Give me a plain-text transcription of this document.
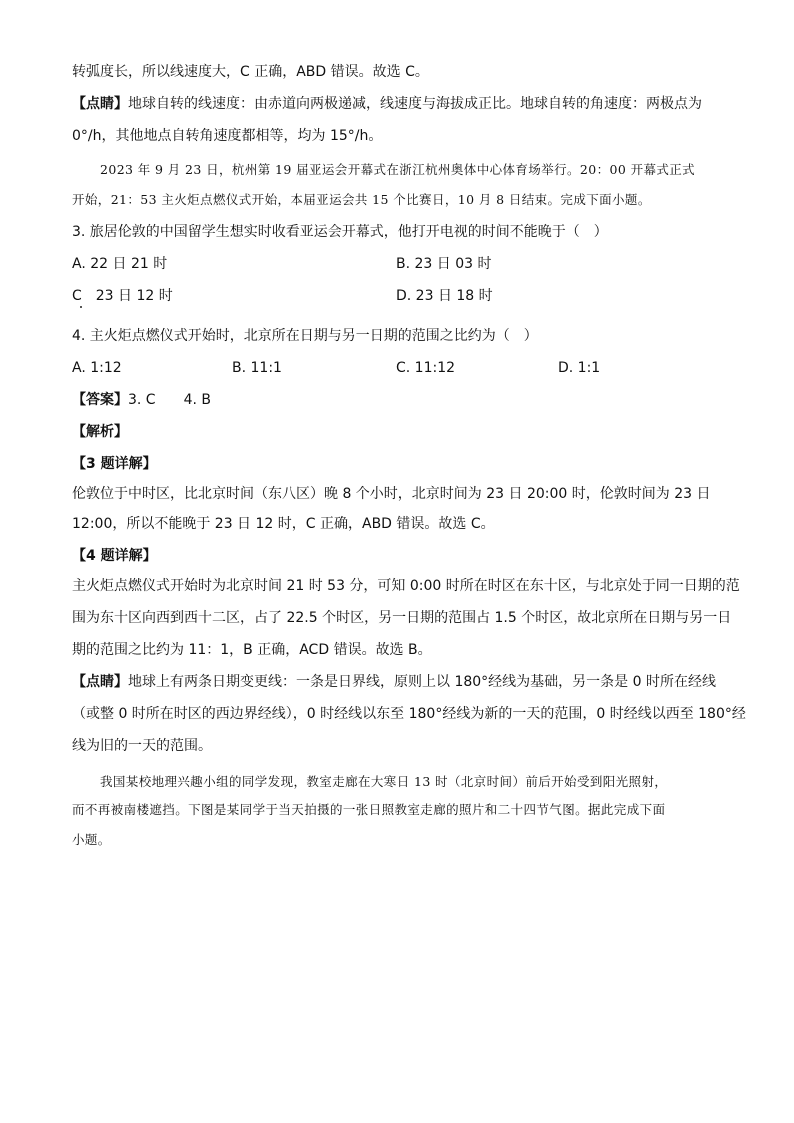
转弧度长，所以线速度大，C 正确，ABD 错误。故选 C。
【点睛】地球自转的线速度：由赤道向两极递减，线速度与海拔成正比。地球自转的角速度：两极点为
0°/h，其他地点自转角速度都相等，均为 15°/h。
2023 年 9 月 23 日，杭州第 19 届亚运会开幕式在浙江杭州奥体中心体育场举行。20：00 开幕式正式
开始，21：53 主火炬点燃仪式开始，本届亚运会共 15 个比赛日，10 月 8 日结束。完成下面小题。
3. 旅居伦敦的中国留学生想实时收看亚运会开幕式，他打开电视的时间不能晚于（　）
A. 22 日 21 时	B. 23 日 03 时
C　23 日 12 时	D. 23 日 18 时
4. 主火炬点燃仪式开始时，北京所在日期与另一日期的范围之比约为（　）
A. 1:12	B. 11:1	C. 11:12	D. 1:1
【答案】3. C　　4. B
【解析】
【3 题详解】
伦敦位于中时区，比北京时间（东八区）晚 8 个小时，北京时间为 23 日 20:00 时，伦敦时间为 23 日
12:00，所以不能晚于 23 日 12 时，C 正确，ABD 错误。故选 C。
【4 题详解】
主火炬点燃仪式开始时为北京时间 21 时 53 分，可知 0:00 时所在时区在东十区，与北京处于同一日期的范
围为东十区向西到西十二区，占了 22.5 个时区，另一日期的范围占 1.5 个时区，故北京所在日期与另一日
期的范围之比约为 11：1，B 正确，ACD 错误。故选 B。
【点睛】地球上有两条日期变更线：一条是日界线，原则上以 180°经线为基础，另一条是 0 时所在经线
（或整 0 时所在时区的西边界经线），0 时经线以东至 180°经线为新的一天的范围，0 时经线以西至 180°经
线为旧的一天的范围。
我国某校地理兴趣小组的同学发现，教室走廊在大寒日 13 时（北京时间）前后开始受到阳光照射，
而不再被南楼遮挡。下图是某同学于当天拍摄的一张日照教室走廊的照片和二十四节气图。据此完成下面
小题。
